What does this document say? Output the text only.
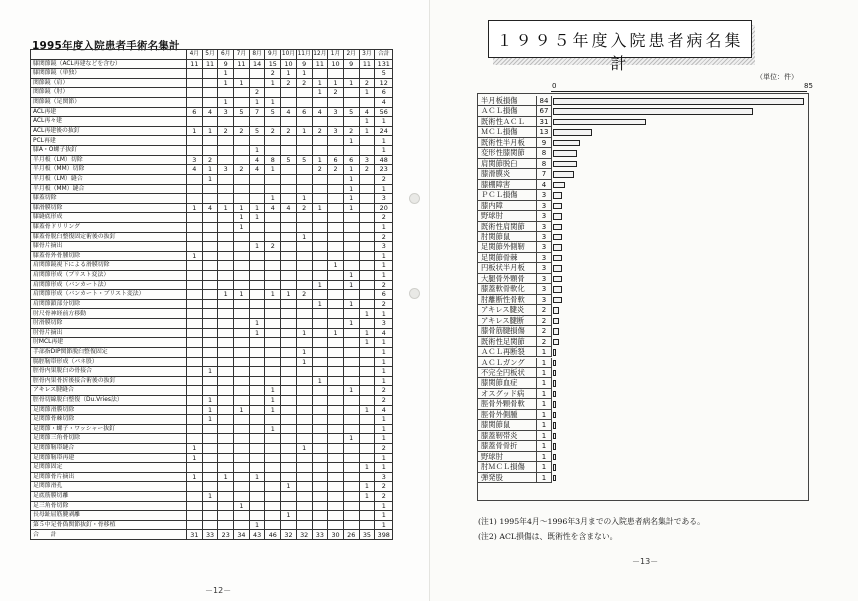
1995年度入院患者手術名集計
	4月	5月	6月	7月	8月	9月	10月	11月	12月	1月	2月	3月	合計
膝関節鏡（ACL再建などを含む）	11	11	9	11	14	15	10	9	11	10	9	11	131
膝関節鏡（単独）			1			2	1	1					5
関節鏡（肩）			1	1		1	2	2	1	1	1	2	12
関節鏡（肘）					2				1	2		1	6
関節鏡（足関節）			1		1	1							4
ACL再建	6	4	3	5	7	5	4	6	4	3	5	4	56
ACL再々建												1	1
ACL再建後の抜釘	1	1	2	2	5	2	2	1	2	3	2	1	24
PCL再建											1		1
膝A・O螺子抜釘					1								1
半月板（LM）切除	3	2			4	8	5	5	1	6	6	3	48
半月板（MM）切除	4	1	3	2	4	1			2	2	1	2	23
半月板（LM）縫合		1									1		2
半月板（MM）縫合											1		1
膝蓋切除						1		1			1		3
膝滑膜切除	1	4	1	1	1	4	4	2	1		1		20
膝縫底形成				1	1								2
膝蓋骨ドリリング				1									1
膝蓋骨脱臼整復固定術後の抜釘								1					2
膝骨片摘出					1	2							3
膝蓋骨外骨腫切除	1												1
肩関節鏡視下による滑膜切除										1			1
肩関節形成（ブリスト変法）											1		1
肩関節形成（バンカート法）									1		1		2
肩関節形成（バンカート・ブリスト変法）			1	1		1	1	2					6
肩関節鎖部分切除									1		1		2
肘尺骨神経前方移動												1	1
肘滑膜切除					1						1		3
肘骨片摘出					1			1		1		1	4
肘MCL再建												1	1
手部指DIP関節脱臼整復固定								1					1
腸脛靭帯形成（パネ股）								1					1
脛骨内果脱臼の骨接合		1											1
脛骨内果骨折後接合術後の抜釘									1				1
アキレス腱縫合						1					1		2
脛骨切線脱臼整復（Du.Vries法）		1				1							2
足関節滑膜切除		1		1		1						1	4
足関節骨棘切除		1											1
足関節・螺子・ワッシャー抜釘						1							1
足関節三角骨切除											1		1
足関節靭帯縫合	1							1					2
足関節靭帯再建	1												1
足関節固定												1	1
足関節骨片摘出	1		1		1								3
足関節滑孔							1					1	2
足底筋膜切離		1										1	2
足三角骨切除				1									1
長母趾屈筋腱剥離							1						1
第５中足骨偽関節抜釘・骨移植					1								1
合　　計	31	33	23	34	43	46	32	32	33	30	26	35	398
－12－
１９９５年度入院患者病名集計
（単位：件）
0	85
半月板損傷	84
ＡＣＬ損傷	67
既術性ＡＣＬ	31
ＭＣＬ損傷	13
既術性半月板	9
変形性膝関節	8
肩関節脱臼	8
膝滑膜炎	7
膝棚障害	4
ＰＣＬ損傷	3
膝内障	3
野球肘	3
既術性肩関節	3
肘関節鼠	3
足関節外側靭	3
足関節骨棘	3
円板状半月板	3
大腿骨外顆骨	3
膝蓋軟骨軟化	3
肘離断性骨軟	3
アキレス腱炎	2
アキレス腱断	2
膝骨筋腱損傷	2
既術性足関節	2
ＡＣＬ再断裂	1
ＡＣＬガング	1
不完全円板状	1
膝関節血症	1
オスグッド病	1
脛骨外顆骨軟	1
脛骨外側腫	1
膝関節鼠	1
膝蓋靭帯炎	1
膝蓋骨骨折	1
野球肘	1
肘ＭＣＬ損傷	1
弾発股	1
(注1) 1995年4月～1996年3月までの入院患者病名集計である。
(注2) ACL損傷は、既術性を含まない。
－13－
